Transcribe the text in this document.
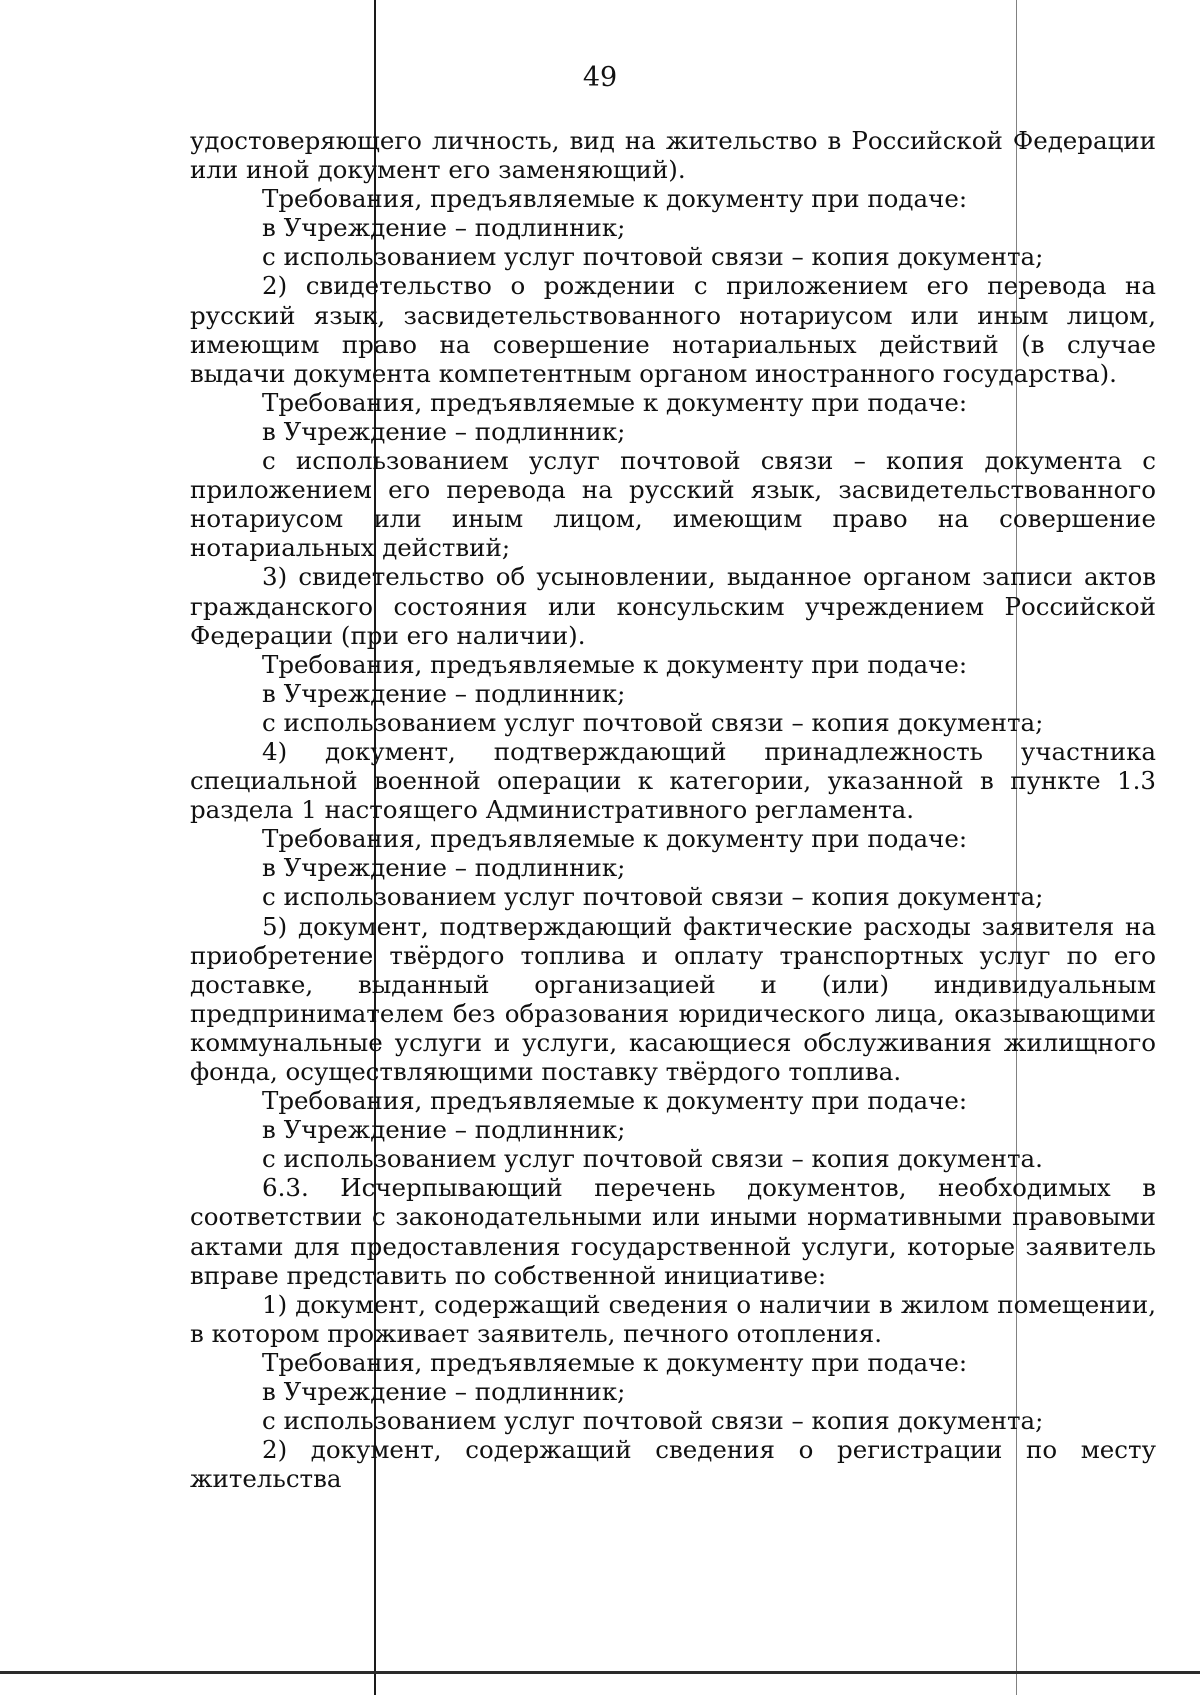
49

удостоверяющего личность, вид на жительство в Российской Федерации или иной документ его заменяющий).

Требования, предъявляемые к документу при подаче:

в Учреждение – подлинник;

с использованием услуг почтовой связи – копия документа;

2) свидетельство о рождении с приложением его перевода на русский язык, засвидетельствованного нотариусом или иным лицом, имеющим право на совершение нотариальных действий (в случае выдачи документа компетентным органом иностранного государства).

Требования, предъявляемые к документу при подаче:

в Учреждение – подлинник;

с использованием услуг почтовой связи – копия документа с приложением его перевода на русский язык, засвидетельствованного нотариусом или иным лицом, имеющим право на совершение нотариальных действий;

3) свидетельство об усыновлении, выданное органом записи актов гражданского состояния или консульским учреждением Российской Федерации (при его наличии).

Требования, предъявляемые к документу при подаче:

в Учреждение – подлинник;

с использованием услуг почтовой связи – копия документа;

4) документ, подтверждающий принадлежность участника специальной военной операции к категории, указанной в пункте 1.3 раздела 1 настоящего Административного регламента.

Требования, предъявляемые к документу при подаче:

в Учреждение – подлинник;

с использованием услуг почтовой связи – копия документа;

5) документ, подтверждающий фактические расходы заявителя на приобретение твёрдого топлива и оплату транспортных услуг по его доставке, выданный организацией и (или) индивидуальным предпринимателем без образования юридического лица, оказывающими коммунальные услуги и услуги, касающиеся обслуживания жилищного фонда, осуществляющими поставку твёрдого топлива.

Требования, предъявляемые к документу при подаче:

в Учреждение – подлинник;

с использованием услуг почтовой связи – копия документа.

6.3. Исчерпывающий перечень документов, необходимых в соответствии с законодательными или иными нормативными правовыми актами для предоставления государственной услуги, которые заявитель вправе представить по собственной инициативе:

1) документ, содержащий сведения о наличии в жилом помещении, в котором проживает заявитель, печного отопления.

Требования, предъявляемые к документу при подаче:

в Учреждение – подлинник;

с использованием услуг почтовой связи – копия документа;

2) документ, содержащий сведения о регистрации по месту жительства
